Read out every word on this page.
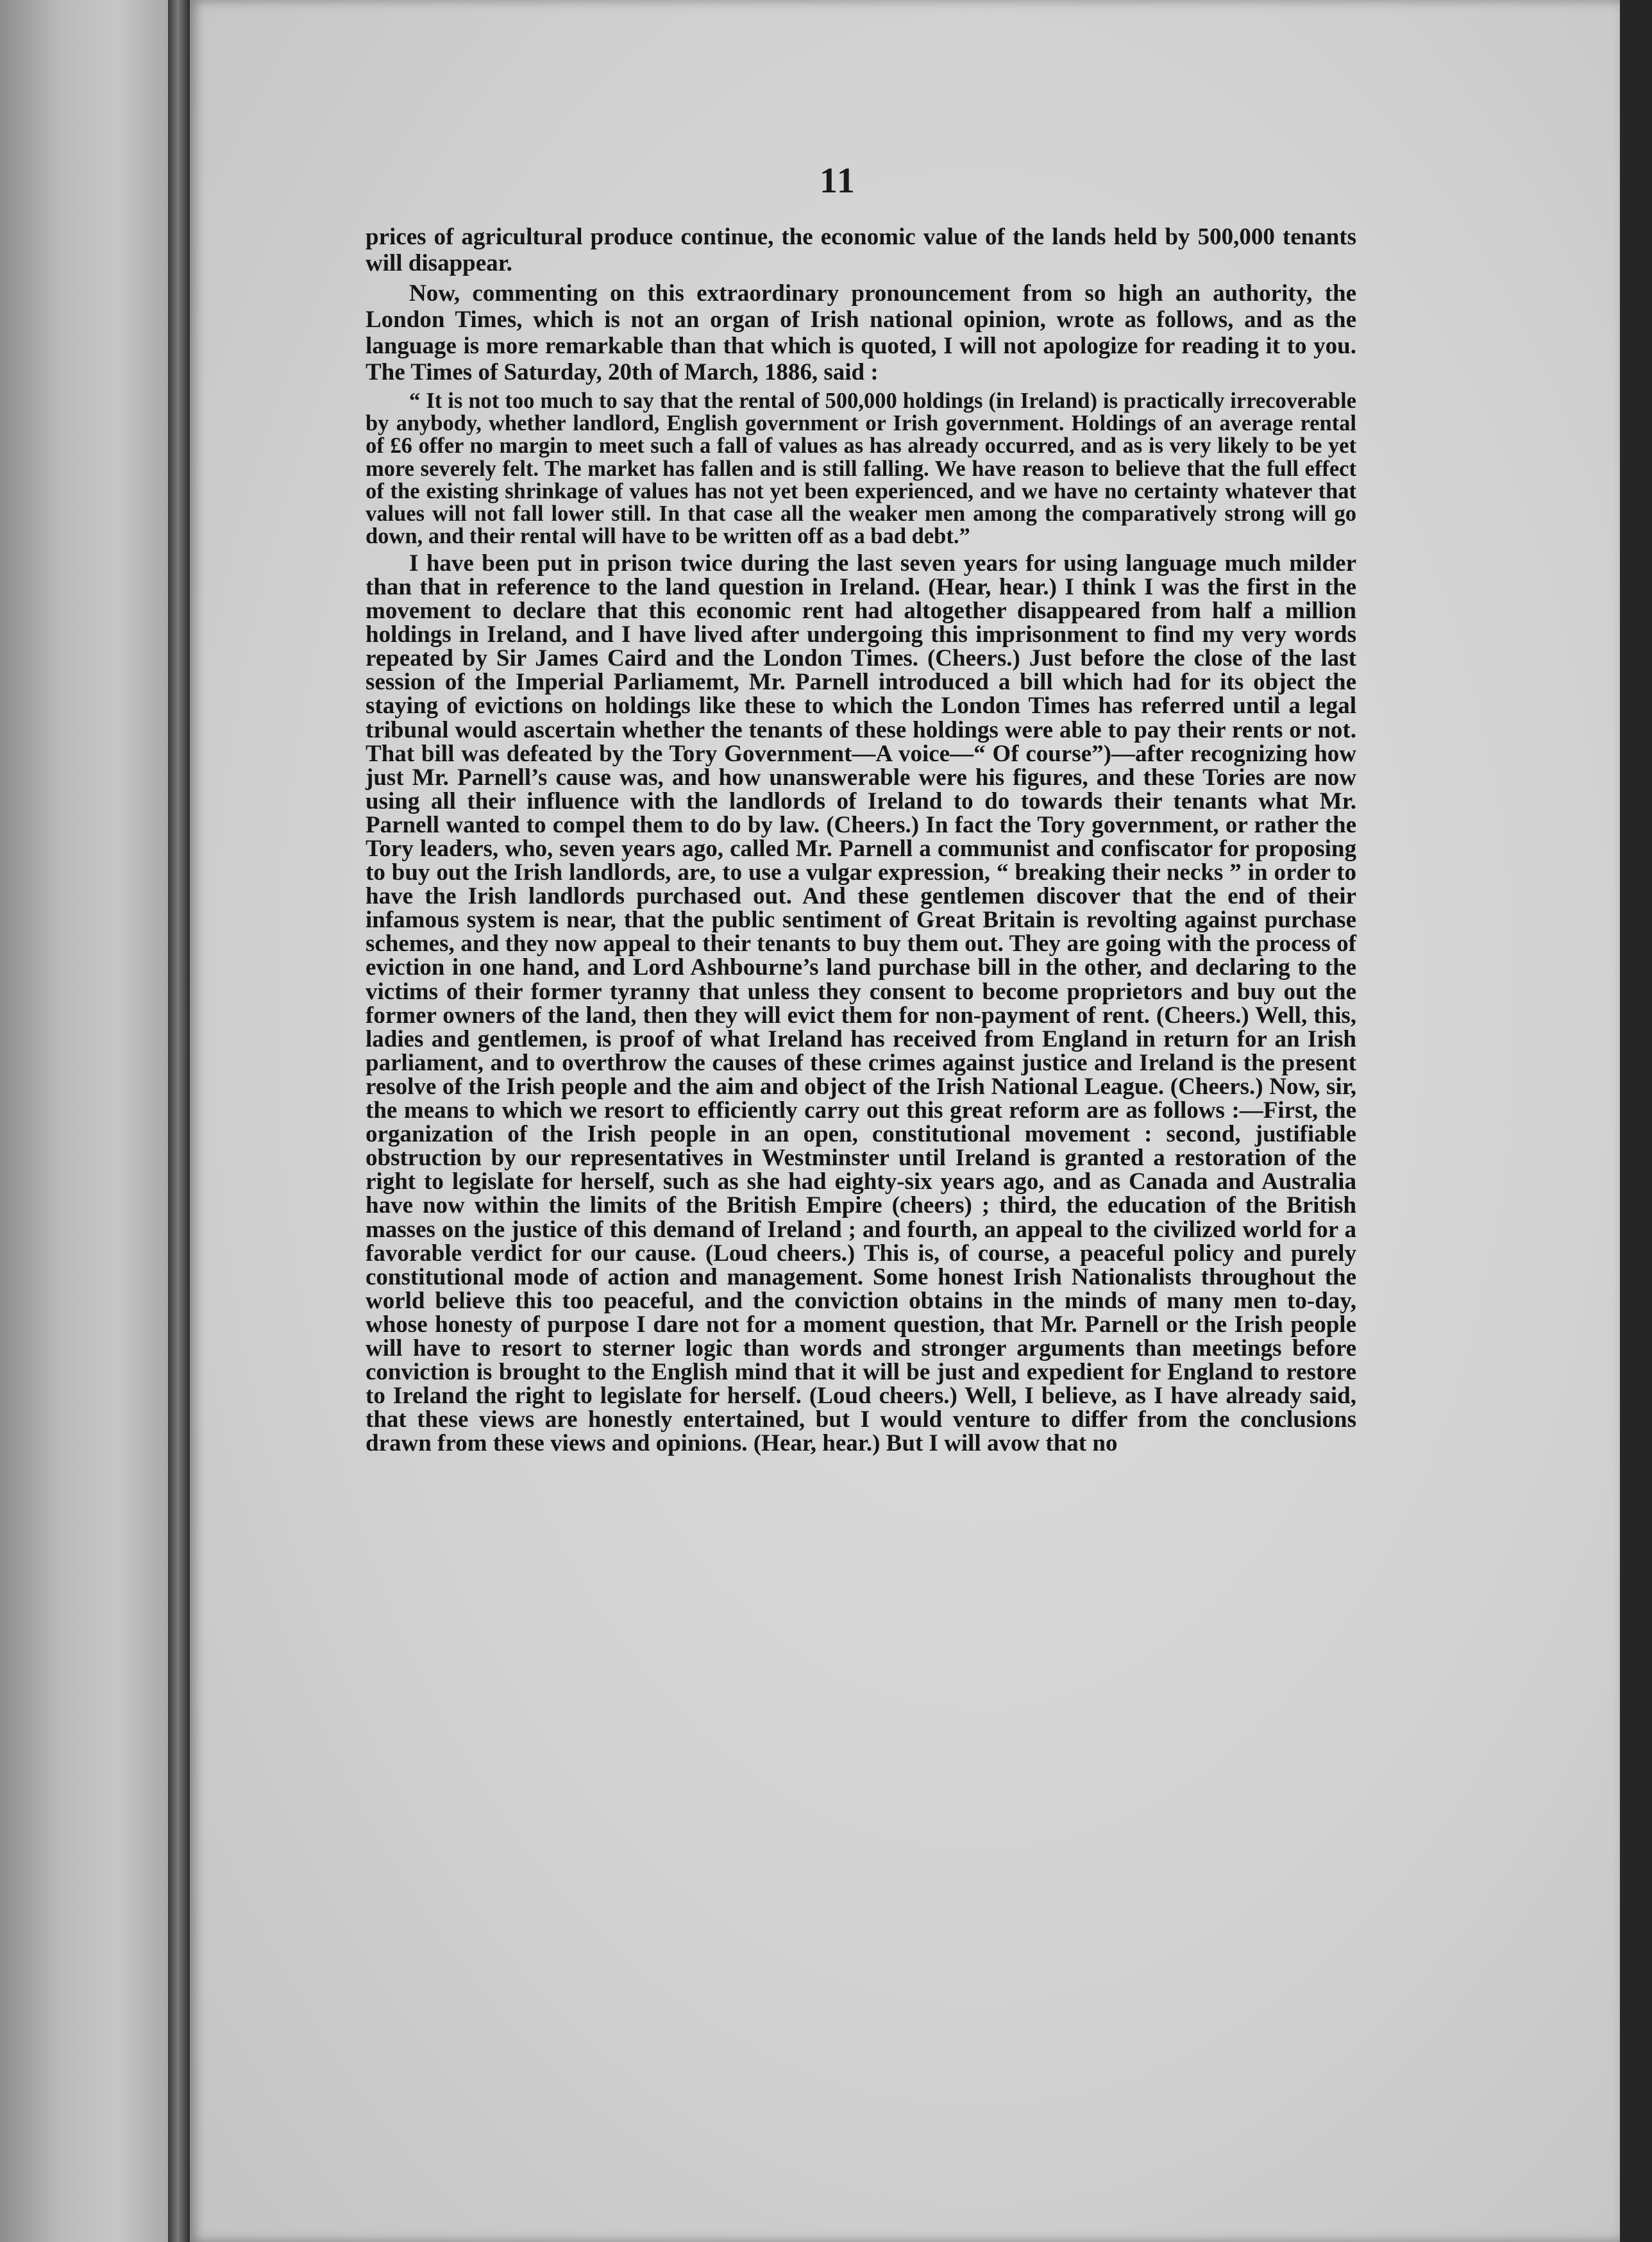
11

prices of agricultural produce continue, the economic value of the lands held by 500,000 tenants will disappear.

Now, commenting on this extraordinary pronouncement from so high an authority, the London Times, which is not an organ of Irish national opinion, wrote as follows, and as the language is more remarkable than that which is quoted, I will not apologize for reading it to you. The Times of Saturday, 20th of March, 1886, said :

“ It is not too much to say that the rental of 500,000 holdings (in Ireland) is practically irrecoverable by anybody, whether landlord, English government or Irish government. Holdings of an average rental of £6 offer no margin to meet such a fall of values as has already occurred, and as is very likely to be yet more severely felt. The market has fallen and is still falling. We have reason to believe that the full effect of the existing shrinkage of values has not yet been experienced, and we have no certainty whatever that values will not fall lower still. In that case all the weaker men among the comparatively strong will go down, and their rental will have to be written off as a bad debt.”

I have been put in prison twice during the last seven years for using language much milder than that in reference to the land question in Ireland. (Hear, hear.) I think I was the first in the movement to declare that this economic rent had altogether disappeared from half a million holdings in Ireland, and I have lived after undergoing this imprisonment to find my very words repeated by Sir James Caird and the London Times. (Cheers.) Just before the close of the last session of the Imperial Parliamemt, Mr. Parnell introduced a bill which had for its object the staying of evictions on holdings like these to which the London Times has referred until a legal tribunal would ascertain whether the tenants of these holdings were able to pay their rents or not. That bill was defeated by the Tory Government—A voice—“ Of course”)—after recognizing how just Mr. Parnell’s cause was, and how unanswerable were his figures, and these Tories are now using all their influence with the landlords of Ireland to do towards their tenants what Mr. Parnell wanted to compel them to do by law. (Cheers.) In fact the Tory government, or rather the Tory leaders, who, seven years ago, called Mr. Parnell a communist and confiscator for proposing to buy out the Irish landlords, are, to use a vulgar expression, “ breaking their necks ” in order to have the Irish landlords purchased out. And these gentlemen discover that the end of their infamous system is near, that the public sentiment of Great Britain is revolting against purchase schemes, and they now appeal to their tenants to buy them out. They are going with the process of eviction in one hand, and Lord Ashbourne’s land purchase bill in the other, and declaring to the victims of their former tyranny that unless they consent to become proprietors and buy out the former owners of the land, then they will evict them for non-payment of rent. (Cheers.) Well, this, ladies and gentlemen, is proof of what Ireland has received from England in return for an Irish parliament, and to overthrow the causes of these crimes against justice and Ireland is the present resolve of the Irish people and the aim and object of the Irish National League. (Cheers.) Now, sir, the means to which we resort to efficiently carry out this great reform are as follows :—First, the organization of the Irish people in an open, constitutional movement : second, justifiable obstruction by our representatives in Westminster until Ireland is granted a restoration of the right to legislate for herself, such as she had eighty-six years ago, and as Canada and Australia have now within the limits of the British Empire (cheers) ; third, the education of the British masses on the justice of this demand of Ireland ; and fourth, an appeal to the civilized world for a favorable verdict for our cause. (Loud cheers.) This is, of course, a peaceful policy and purely constitutional mode of action and management. Some honest Irish Nationalists throughout the world believe this too peaceful, and the conviction obtains in the minds of many men to-day, whose honesty of purpose I dare not for a moment question, that Mr. Parnell or the Irish people will have to resort to sterner logic than words and stronger arguments than meetings before conviction is brought to the English mind that it will be just and expedient for England to restore to Ireland the right to legislate for herself. (Loud cheers.) Well, I believe, as I have already said, that these views are honestly entertained, but I would venture to differ from the conclusions drawn from these views and opinions. (Hear, hear.) But I will avow that no
